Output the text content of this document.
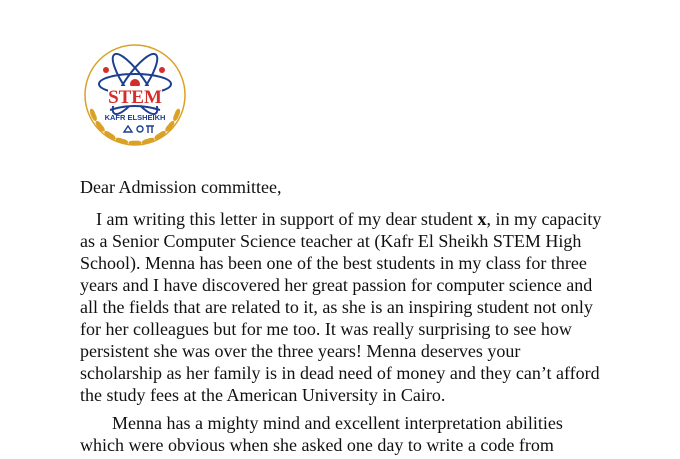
STEM
KAFR ELSHEIKH
Dear Admission committee,
I am writing this letter in support of my dear student x, in my capacity
as a Senior Computer Science teacher at (Kafr El Sheikh STEM High
School). Menna has been one of the best students in my class for three
years and I have discovered her great passion for computer science and
all the fields that are related to it, as she is an inspiring student not only
for her colleagues but for me too. It was really surprising to see how
persistent she was over the three years! Menna deserves your
scholarship as her family is in dead need of money and they can’t afford
the study fees at the American University in Cairo.
Menna has a mighty mind and excellent interpretation abilities
which were obvious when she asked one day to write a code from
